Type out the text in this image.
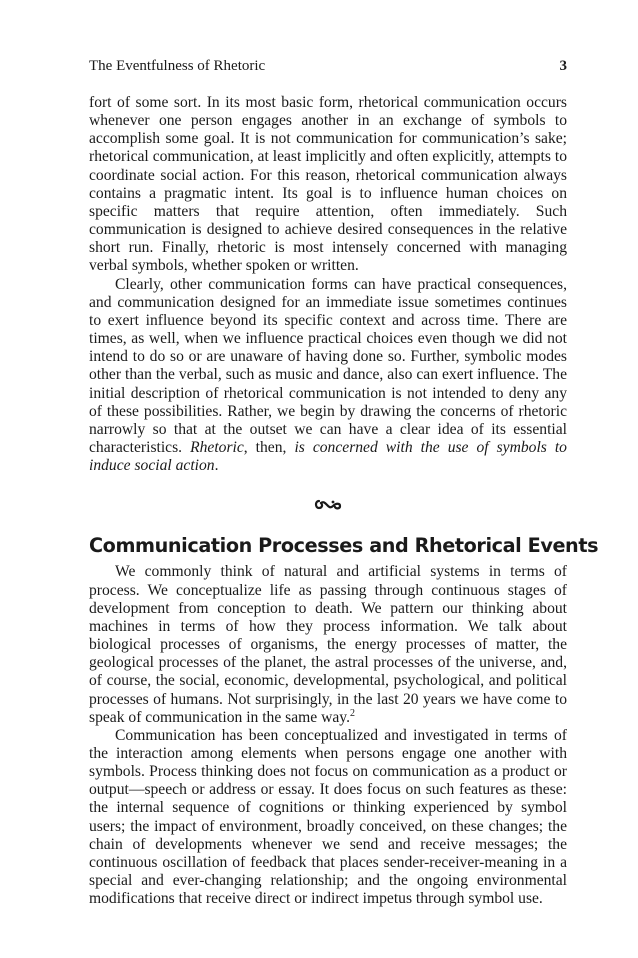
The Eventfulness of Rhetoric	3

fort of some sort. In its most basic form, rhetorical communication occurs whenever one person engages another in an exchange of symbols to accomplish some goal. It is not communication for communication’s sake; rhetorical communication, at least implicitly and often explicitly, attempts to coordinate social action. For this reason, rhetorical communication always contains a pragmatic intent. Its goal is to influence human choices on specific matters that require attention, often immediately. Such communication is designed to achieve desired consequences in the relative short run. Finally, rhetoric is most intensely concerned with managing verbal symbols, whether spoken or written.

Clearly, other communication forms can have practical consequences, and communication designed for an immediate issue sometimes continues to exert influence beyond its specific context and across time. There are times, as well, when we influence practical choices even though we did not intend to do so or are unaware of having done so. Further, symbolic modes other than the verbal, such as music and dance, also can exert influence. The initial description of rhetorical communication is not intended to deny any of these possibilities. Rather, we begin by drawing the concerns of rhetoric narrowly so that at the outset we can have a clear idea of its essential characteristics. Rhetoric, then, is concerned with the use of symbols to induce social action.

Communication Processes and Rhetorical Events

We commonly think of natural and artificial systems in terms of process. We conceptualize life as passing through continuous stages of development from conception to death. We pattern our thinking about machines in terms of how they process information. We talk about biological processes of organisms, the energy processes of matter, the geological processes of the planet, the astral processes of the universe, and, of course, the social, economic, developmental, psychological, and political processes of humans. Not surprisingly, in the last 20 years we have come to speak of communication in the same way.$^2$

Communication has been conceptualized and investigated in terms of the interaction among elements when persons engage one another with symbols. Process thinking does not focus on communication as a product or output—speech or address or essay. It does focus on such features as these: the internal sequence of cognitions or thinking experienced by symbol users; the impact of environment, broadly conceived, on these changes; the chain of developments whenever we send and receive messages; the continuous oscillation of feedback that places sender-receiver-meaning in a special and ever-changing relationship; and the ongoing environmental modifications that receive direct or indirect impetus through symbol use.
